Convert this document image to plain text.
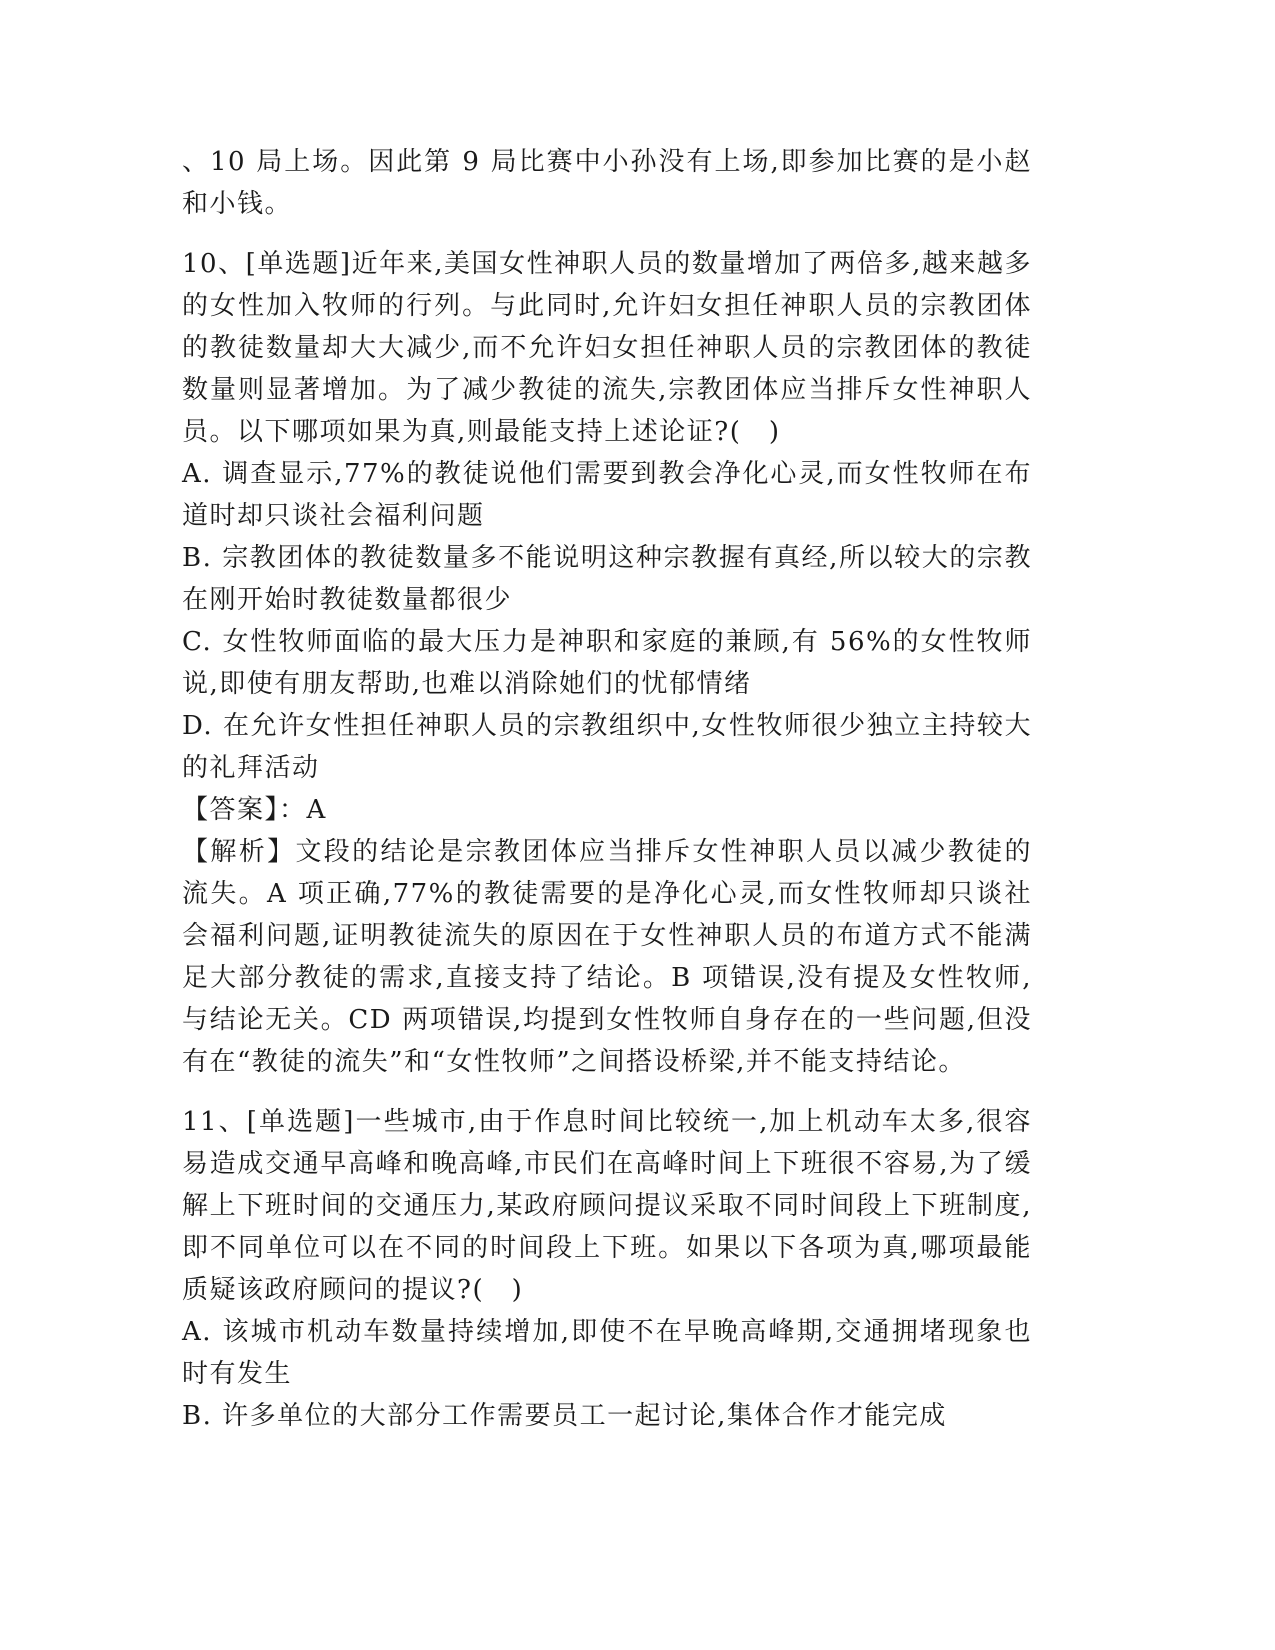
、10 局上场。因此第 9 局比赛中小孙没有上场,即参加比赛的是小赵和小钱。

10、[单选题]近年来,美国女性神职人员的数量增加了两倍多,越来越多的女性加入牧师的行列。与此同时,允许妇女担任神职人员的宗教团体的教徒数量却大大减少,而不允许妇女担任神职人员的宗教团体的教徒数量则显著增加。为了减少教徒的流失,宗教团体应当排斥女性神职人员。以下哪项如果为真,则最能支持上述论证?(　)

A. 调查显示,77%的教徒说他们需要到教会净化心灵,而女性牧师在布道时却只谈社会福利问题

B. 宗教团体的教徒数量多不能说明这种宗教握有真经,所以较大的宗教在刚开始时教徒数量都很少

C. 女性牧师面临的最大压力是神职和家庭的兼顾,有 56%的女性牧师说,即使有朋友帮助,也难以消除她们的忧郁情绪

D. 在允许女性担任神职人员的宗教组织中,女性牧师很少独立主持较大的礼拜活动

【答案】：A

【解析】文段的结论是宗教团体应当排斥女性神职人员以减少教徒的流失。A 项正确,77%的教徒需要的是净化心灵,而女性牧师却只谈社会福利问题,证明教徒流失的原因在于女性神职人员的布道方式不能满足大部分教徒的需求,直接支持了结论。B 项错误,没有提及女性牧师,与结论无关。CD 两项错误,均提到女性牧师自身存在的一些问题,但没有在“教徒的流失”和“女性牧师”之间搭设桥梁,并不能支持结论。

11、[单选题]一些城市,由于作息时间比较统一,加上机动车太多,很容易造成交通早高峰和晚高峰,市民们在高峰时间上下班很不容易,为了缓解上下班时间的交通压力,某政府顾问提议采取不同时间段上下班制度,即不同单位可以在不同的时间段上下班。如果以下各项为真,哪项最能质疑该政府顾问的提议?(　)

A. 该城市机动车数量持续增加,即使不在早晚高峰期,交通拥堵现象也时有发生

B. 许多单位的大部分工作需要员工一起讨论,集体合作才能完成
